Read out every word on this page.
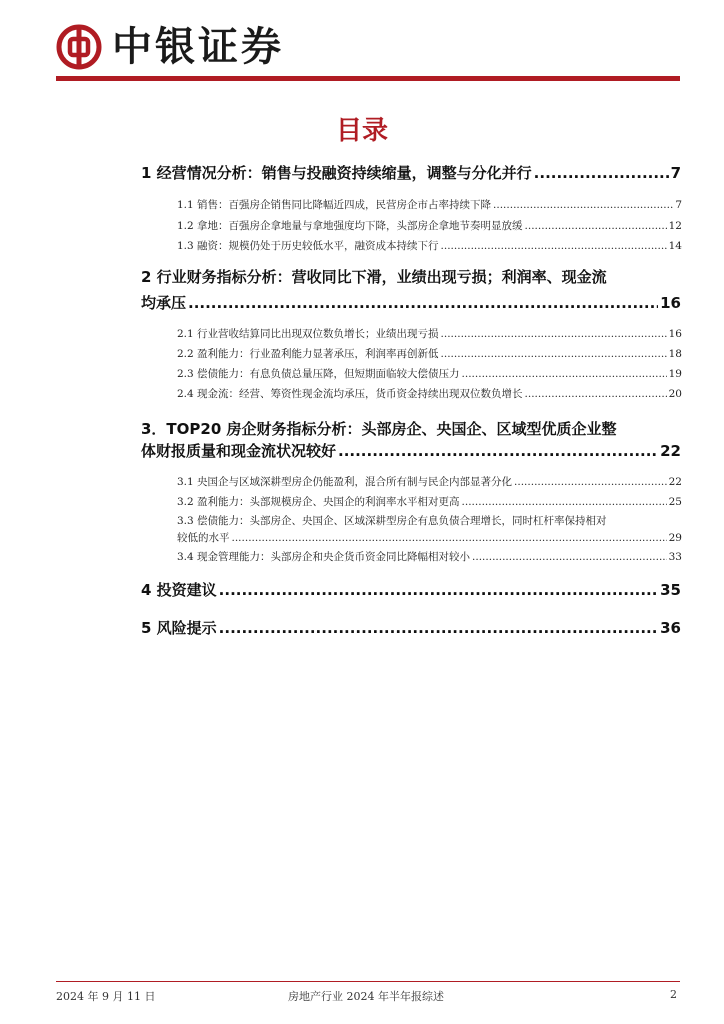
中银证券
目录
1 经营情况分析：销售与投融资持续缩量，调整与分化并行 .....	7
1.1 销售：百强房企销售同比降幅近四成，民营房企市占率持续下降 .....	7
1.2 拿地：百强房企拿地量与拿地强度均下降，头部房企拿地节奏明显放缓 .....	12
1.3 融资：规模仍处于历史较低水平，融资成本持续下行 .....	14
2 行业财务指标分析：营收同比下滑，业绩出现亏损；利润率、现金流
均承压 .....	16
2.1 行业营收结算同比出现双位数负增长；业绩出现亏损 .....	16
2.2 盈利能力：行业盈利能力显著承压，利润率再创新低 .....	18
2.3 偿债能力：有息负债总量压降，但短期面临较大偿债压力 .....	19
2.4 现金流：经营、筹资性现金流均承压，货币资金持续出现双位数负增长 .....	20
3．TOP20 房企财务指标分析：头部房企、央国企、区域型优质企业整
体财报质量和现金流状况较好 .....	22
3.1 央国企与区域深耕型房企仍能盈利，混合所有制与民企内部显著分化 .....	22
3.2 盈利能力：头部规模房企、央国企的利润率水平相对更高 .....	25
3.3 偿债能力：头部房企、央国企、区域深耕型房企有息负债合理增长，同时杠杆率保持相对
较低的水平 .....	29
3.4 现金管理能力：头部房企和央企货币资金同比降幅相对较小 .....	33
4 投资建议 .....	35
5 风险提示 .....	36
2024 年 9 月 11 日	房地产行业 2024 年半年报综述	2
